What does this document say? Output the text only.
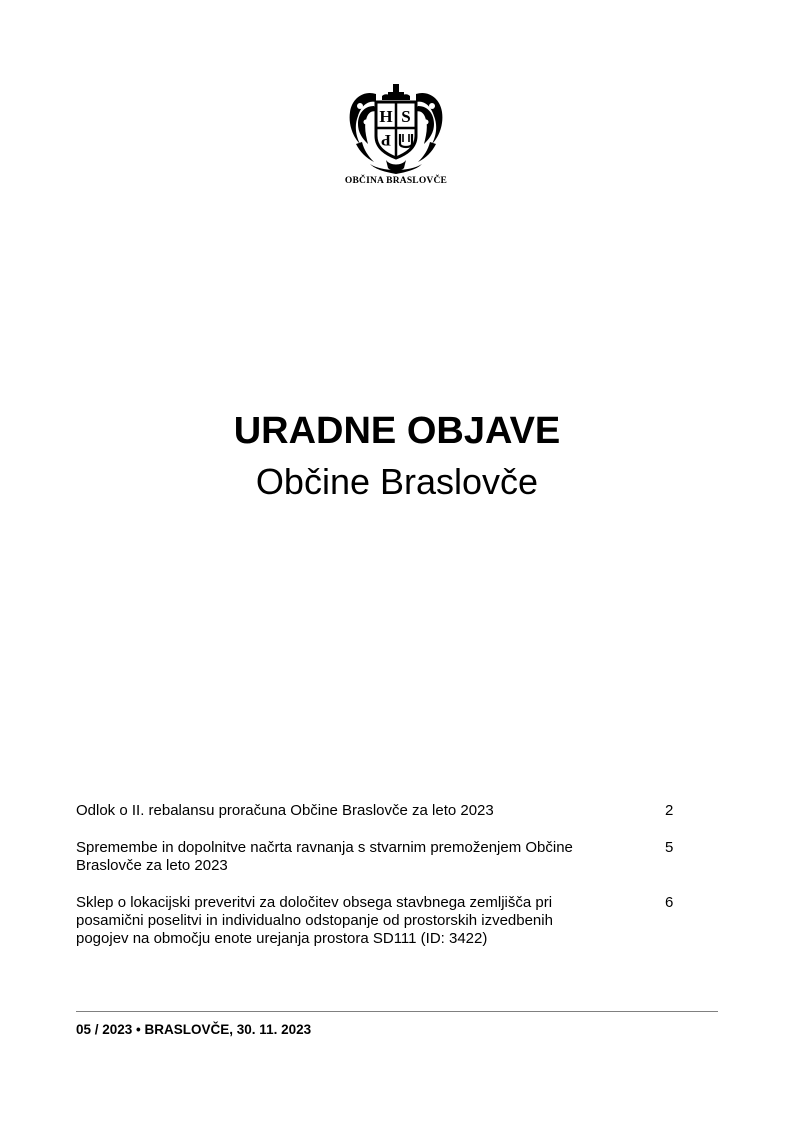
H S
P
OBČINA BRASLOVČE
URADNE OBJAVE
Občine Braslovče
Odlok o II. rebalansu proračuna Občine Braslovče za leto 2023	2
Spremembe in dopolnitve načrta ravnanja s stvarnim premoženjem Občine Braslovče za leto 2023
5
Sklep o lokacijski preveritvi za določitev obsega stavbnega zemljišča pri posamični poselitvi in individualno odstopanje od prostorskih izvedbenih pogojev na območju enote urejanja prostora SD111 (ID: 3422)
6
05 / 2023 • BRASLOVČE, 30. 11. 2023
